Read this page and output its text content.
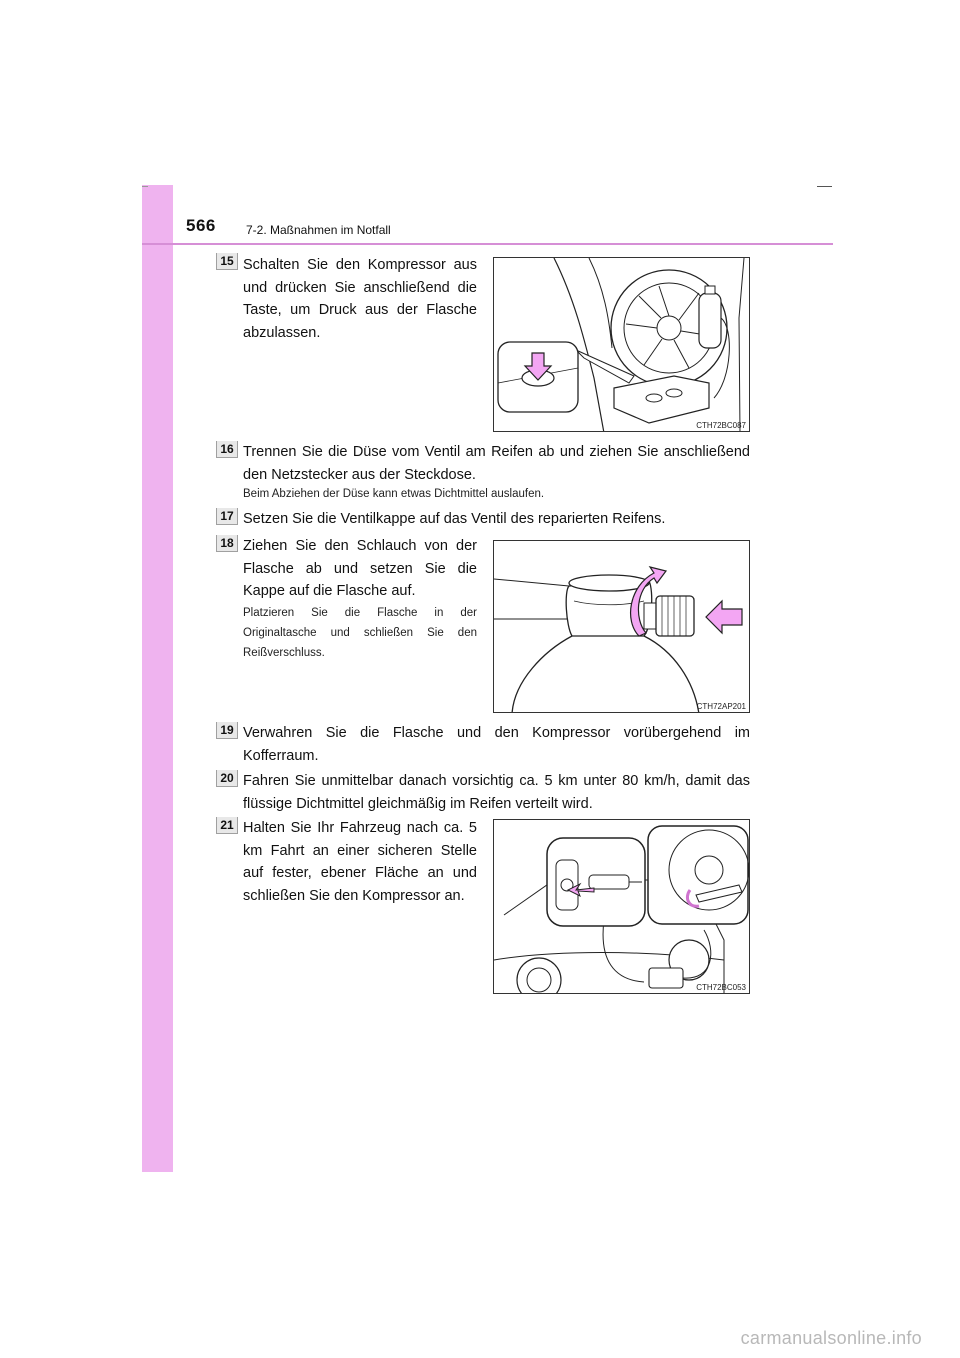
566	7-2. Maßnahmen im Notfall
15 Schalten Sie den Kompressor aus und drücken Sie anschließend die Taste, um Druck aus der Flasche abzulassen.
CTH72BC087
16 Trennen Sie die Düse vom Ventil am Reifen ab und ziehen Sie anschließend den Netzstecker aus der Steckdose.
Beim Abziehen der Düse kann etwas Dichtmittel auslaufen.
17 Setzen Sie die Ventilkappe auf das Ventil des reparierten Reifens.
18 Ziehen Sie den Schlauch von der Flasche ab und setzen Sie die Kappe auf die Flasche auf.
Platzieren Sie die Flasche in der Originaltasche und schließen Sie den Reißverschluss.
CTH72AP201
19 Verwahren Sie die Flasche und den Kompressor vorübergehend im Kofferraum.
20 Fahren Sie unmittelbar danach vorsichtig ca. 5 km unter 80 km/h, damit das flüssige Dichtmittel gleichmäßig im Reifen verteilt wird.
21 Halten Sie Ihr Fahrzeug nach ca. 5 km Fahrt an einer sicheren Stelle auf fester, ebener Fläche an und schließen Sie den Kompressor an.
CTH72BC053
carmanualsonline.info
